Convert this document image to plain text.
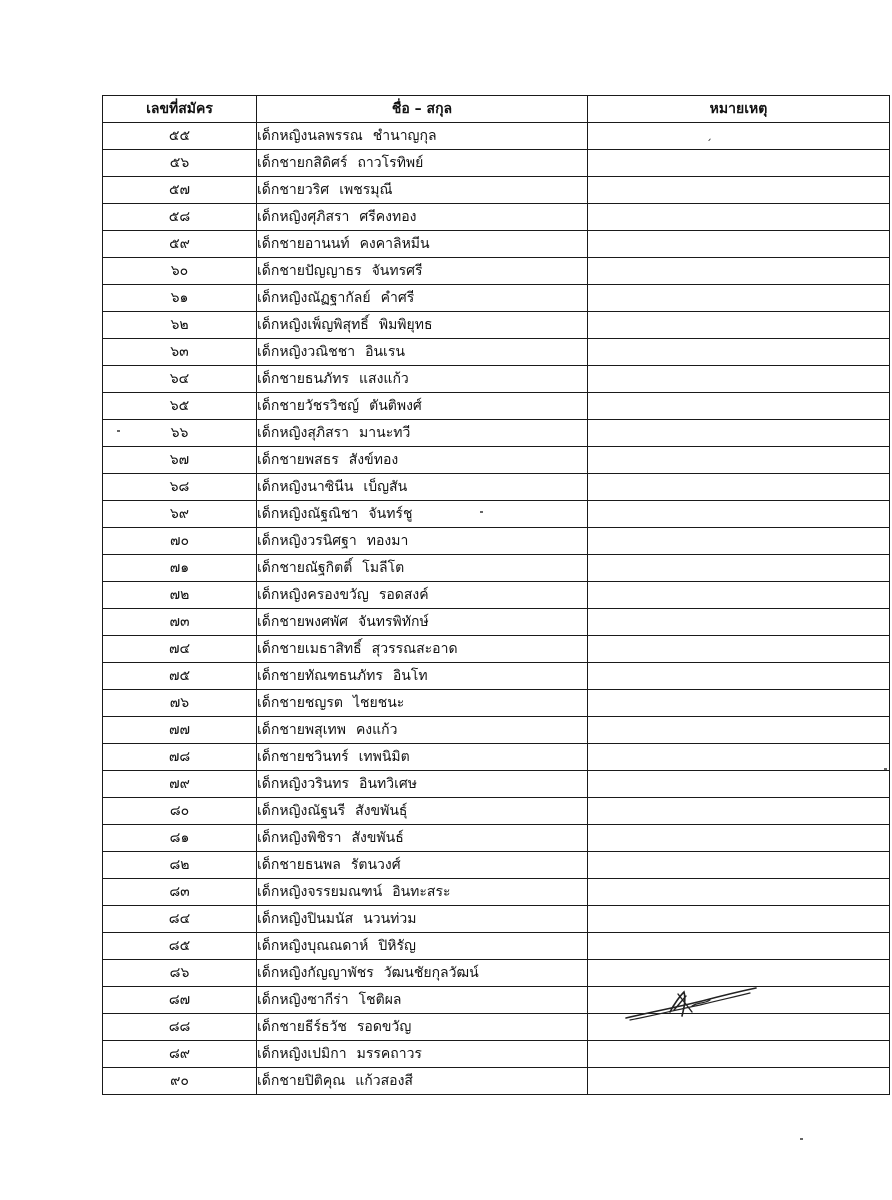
เลขที่สมัคร	ชื่อ – สกุล	หมายเหตุ
๕๕	เด็กหญิงนลพรรณ ชำนาญกุล	ˏ

๕๖	เด็กชายกสิดิศร์ ถาวโรทิพย์	
๕๗	เด็กชายวริศ เพชรมุณี	
๕๘	เด็กหญิงศุภิสรา ศรีคงทอง	
๕๙	เด็กชายอานนท์ คงคาลิหมีน	
๖๐	เด็กชายปัญญาธร จันทรศรี	
๖๑	เด็กหญิงณัฏฐากัลย์ คำศรี	
๖๒	เด็กหญิงเพ็ญพิสุทธิ์ พิมพิยุทธ	
๖๓	เด็กหญิงวณิชชา อินเรน	
๖๔	เด็กชายธนภัทร แสงแก้ว	
๖๕	เด็กชายวัชรวิชญ์ ตันติพงศ์	
๖๖	เด็กหญิงสุภิสรา มานะทวี	
๖๗	เด็กชายพสธร สังข์ทอง	
๖๘	เด็กหญิงนาซินีน เบ็ญสัน	
๖๙	เด็กหญิงณัฐณิชา จันทร์ชู	
๗๐	เด็กหญิงวรนิศฐา ทองมา	
๗๑	เด็กชายณัฐกิตติ์ โมลีโต	
๗๒	เด็กหญิงครองขวัญ รอดสงค์	
๗๓	เด็กชายพงศพัศ จันทรพิทักษ์	
๗๔	เด็กชายเมธาสิทธิ์ สุวรรณสะอาด	
๗๕	เด็กชายทัณฑธนภัทร อินโท	
๗๖	เด็กชายชญรต ไชยชนะ	
๗๗	เด็กชายพสุเทพ คงแก้ว	
๗๘	เด็กชายชวินทร์ เทพนิมิต	
๗๙	เด็กหญิงวรินทร อินทวิเศษ	
๘๐	เด็กหญิงณัฐนรี สังขพันธุ์	
๘๑	เด็กหญิงพิชิรา สังขพันธ์	
๘๒	เด็กชายธนพล รัตนวงศ์	
๘๓	เด็กหญิงจรรยมณฑน์ อินทะสระ	
๘๔	เด็กหญิงปินมนัส นวนท่วม	
๘๕	เด็กหญิงบุณณดาห์ ปิหิรัญ	
๘๖	เด็กหญิงกัญญาพัชร วัฒนชัยกุลวัฒน์	
๘๗	เด็กหญิงซากีร่า โชติผล	
๘๘	เด็กชายธีร์ธวัช รอดขวัญ	
๘๙	เด็กหญิงเปมิกา มรรคถาวร	
๙๐	เด็กชายปิติคุณ แก้วสองสี	
